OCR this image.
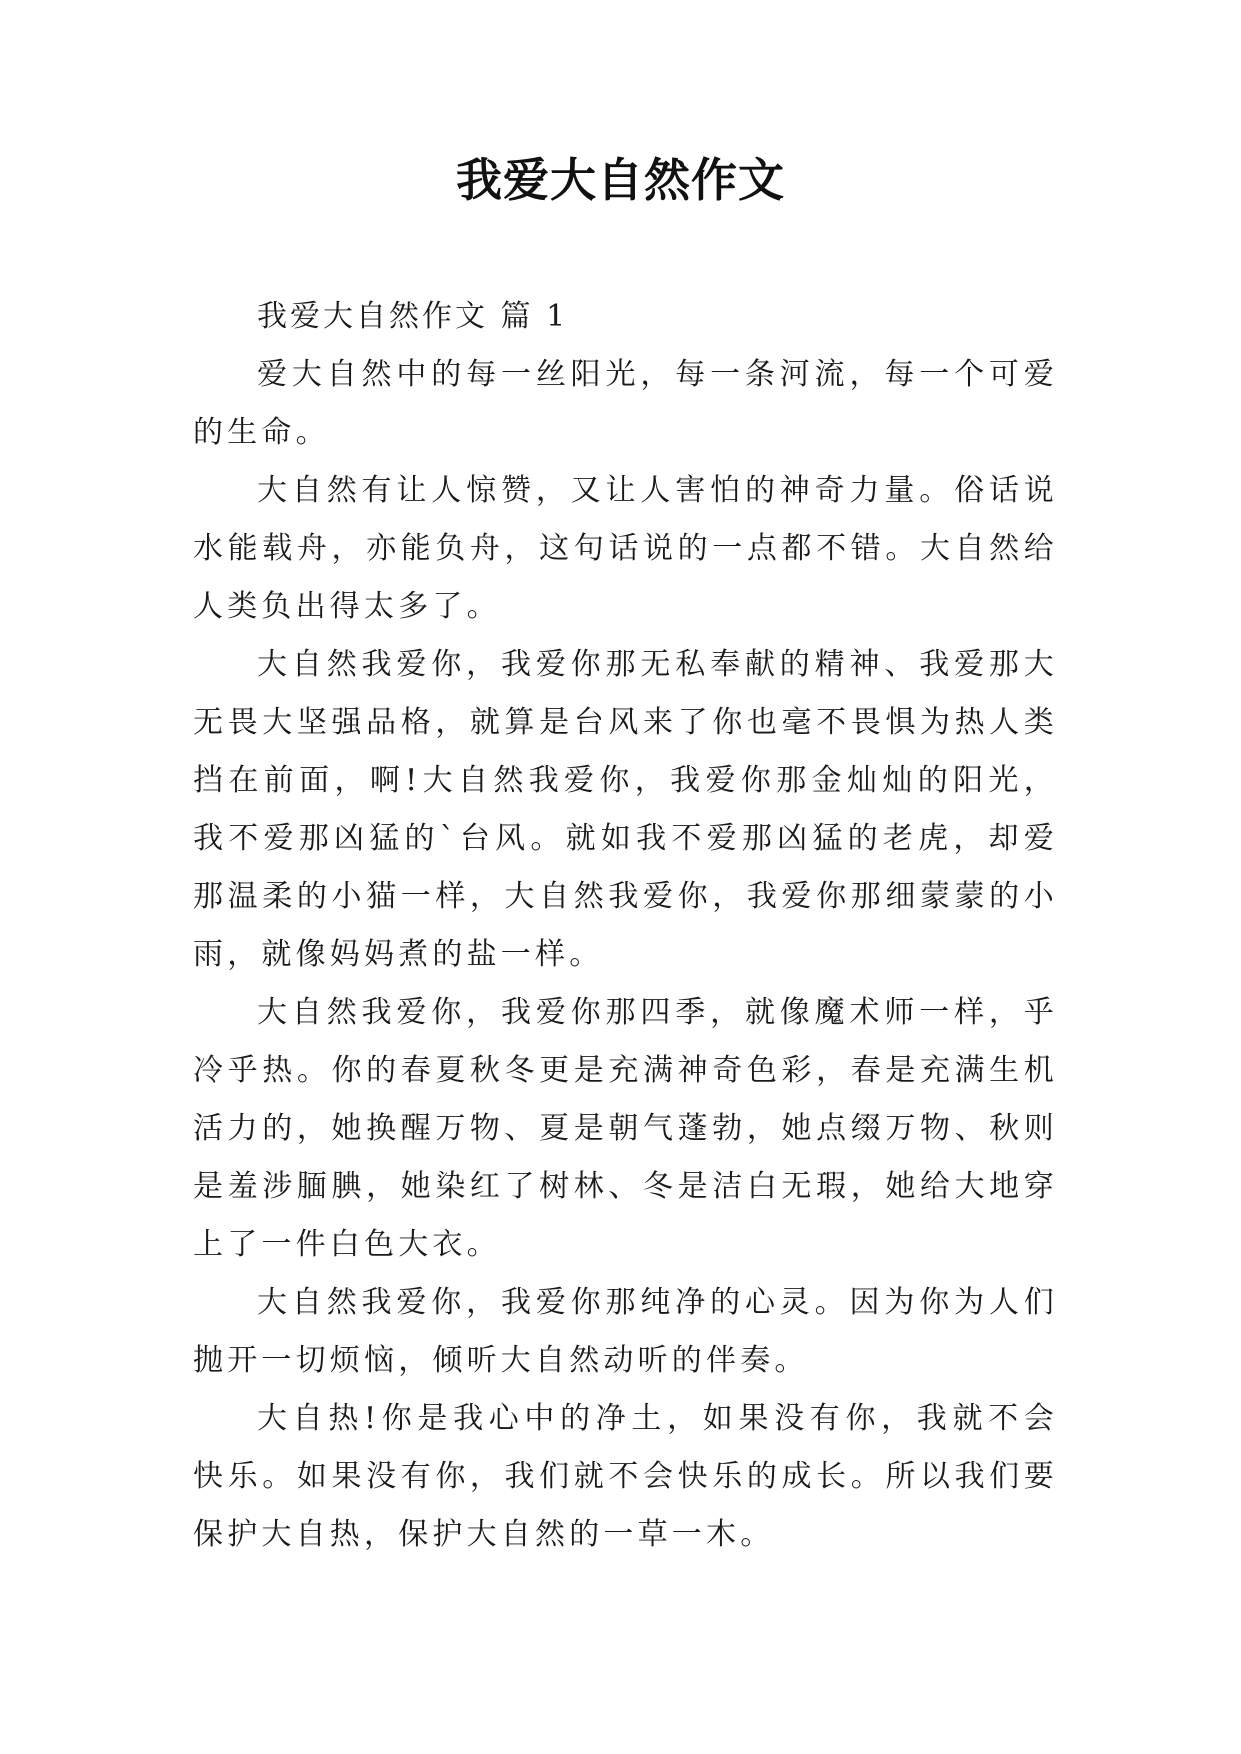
我爱大自然作文

我爱大自然作文 篇 1

爱大自然中的每一丝阳光，每一条河流，每一个可爱的生命。

大自然有让人惊赞，又让人害怕的神奇力量。俗话说水能载舟，亦能负舟，这句话说的一点都不错。大自然给人类负出得太多了。

大自然我爱你，我爱你那无私奉献的精神、我爱那大无畏大坚强品格，就算是台风来了你也毫不畏惧为热人类挡在前面，啊!大自然我爱你，我爱你那金灿灿的阳光，我不爱那凶猛的`台风。就如我不爱那凶猛的老虎，却爱那温柔的小猫一样，大自然我爱你，我爱你那细蒙蒙的小雨，就像妈妈煮的盐一样。

大自然我爱你，我爱你那四季，就像魔术师一样，乎冷乎热。你的春夏秋冬更是充满神奇色彩，春是充满生机活力的，她换醒万物、夏是朝气蓬勃，她点缀万物、秋则是羞涉腼腆，她染红了树林、冬是洁白无瑕，她给大地穿上了一件白色大衣。

大自然我爱你，我爱你那纯净的心灵。因为你为人们抛开一切烦恼，倾听大自然动听的伴奏。

大自热!你是我心中的净土，如果没有你，我就不会快乐。如果没有你，我们就不会快乐的成长。所以我们要保护大自热，保护大自然的一草一木。
